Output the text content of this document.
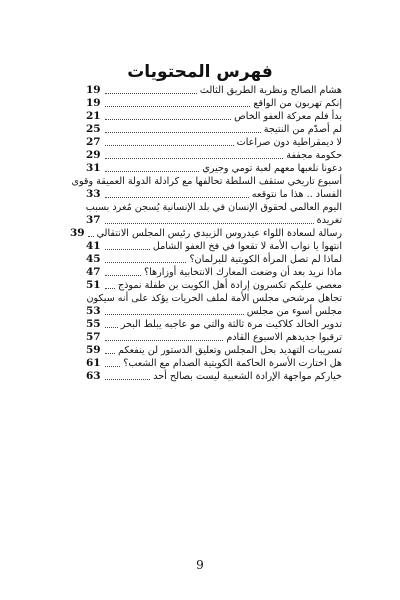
فهرس المحتويات
هشام الصالح ونظرية الطريق الثالث
19
إنكم تهربون من الواقع
19
بدأ فلم معركة العفو الخاص
21
لم أصدّم من النتيجة
25
لا ديمقراطية دون صراعات
27
حكومة مجففة
29
دعونا نلعبها معهم لعبة تومي وجيري
31
أسبوع تاريخي ستقف السلطة تحالفها مع كرادلة الدولة العميقة وقوى
الفساد .. هذا ما نتوقعه
33
اليوم العالمي لحقوق الإنسان في بلد الإنسانية يُسجن مُغرد بسبب
تغريدة
37
رسالة لسعادة اللواء عيدروس الزبيدي رئيس المجلس الانتقالي
39
انتهوا يا نواب الأمة لا تقعوا في فخ العفو الشامل
41
لماذا لم تصل المرأة الكويتية للبرلمان؟
45
ماذا نريد بعد أن وضعت المعارك الانتخابية أوزارها؟
47
معصي عليكم تكسرون إرادة أهل الكويت بن طفلة نموذج
51
تجاهل مرشحي مجلس الأمة لملف الحريات يؤكد على أنه سيكون
مجلس أسوء من مجلس
53
تدوير الخالد كلاكيت مرة ثالثة والتي مو عاجبه يبلط البحر
55
ترقبوا جديدهم الاسبوع القادم
57
تسريبات التهديد بحل المجلس وتعليق الدستور لن ينفعكم
59
هل اختارت الأسرة الحاكمة الكويتية الصدام مع الشعب؟
61
خياركم مواجهة الإرادة الشعبية ليست بصالح أحد
63
9
